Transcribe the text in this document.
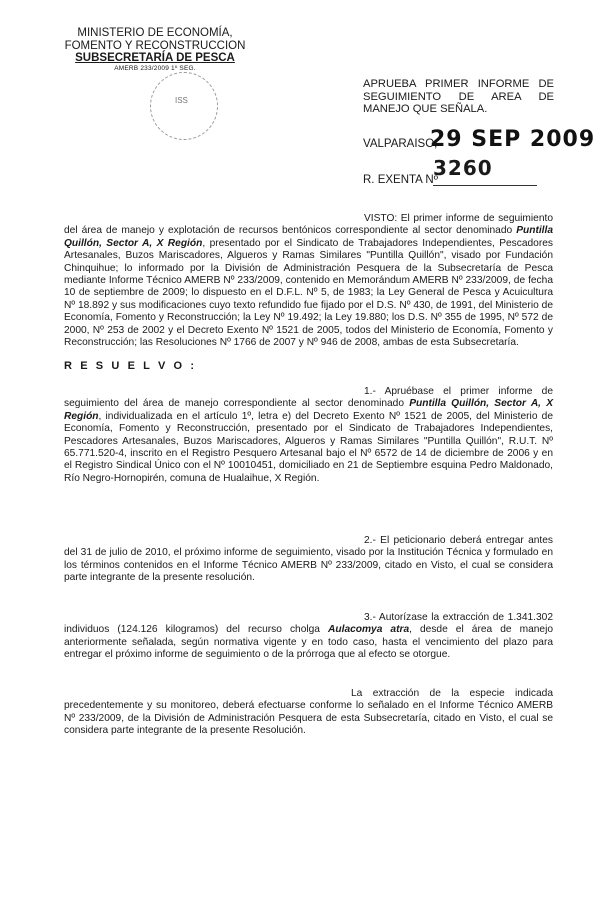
MINISTERIO DE ECONOMÍA,
FOMENTO Y RECONSTRUCCION
SUBSECRETARÍA DE PESCA
AMERB 233/2009 1º SEG.
ISS
APRUEBA PRIMER INFORME DE
SEGUIMIENTO DE AREA DE
MANEJO QUE SEÑALA.
VALPARAISO,
29 SEP 2009
R. EXENTA Nº
3260
VISTO: El primer informe de seguimiento del área de manejo y explotación de recursos bentónicos correspondiente al sector denominado Puntilla Quillón, Sector A, X Región, presentado por el Sindicato de Trabajadores Independientes, Pescadores Artesanales, Buzos Mariscadores, Algueros y Ramas Similares "Puntilla Quillón", visado por Fundación Chinquihue; lo informado por la División de Administración Pesquera de la Subsecretaría de Pesca mediante Informe Técnico AMERB Nº 233/2009, contenido en Memorándum AMERB Nº 233/2009, de fecha 10 de septiembre de 2009; lo dispuesto en el D.F.L. Nº 5, de 1983; la Ley General de Pesca y Acuicultura Nº 18.892 y sus modificaciones cuyo texto refundido fue fijado por el D.S. Nº 430, de 1991, del Ministerio de Economía, Fomento y Reconstrucción; la Ley Nº 19.492; la Ley 19.880; los D.S. Nº 355 de 1995, Nº 572 de 2000, Nº 253 de 2002 y el Decreto Exento Nº 1521 de 2005, todos del Ministerio de Economía, Fomento y Reconstrucción; las Resoluciones Nº 1766 de 2007 y Nº 946 de 2008, ambas de esta Subsecretaría.
R E S U E L V O :
1.- Apruébase el primer informe de seguimiento del área de manejo correspondiente al sector denominado Puntilla Quillón, Sector A, X Región, individualizada en el artículo 1º, letra e) del Decreto Exento Nº 1521 de 2005, del Ministerio de Economía, Fomento y Reconstrucción, presentado por el Sindicato de Trabajadores Independientes, Pescadores Artesanales, Buzos Mariscadores, Algueros y Ramas Similares "Puntilla Quillón", R.U.T. Nº 65.771.520-4, inscrito en el Registro Pesquero Artesanal bajo el Nº 6572 de 14 de diciembre de 2006 y en el Registro Sindical Único con el Nº 10010451, domiciliado en 21 de Septiembre esquina Pedro Maldonado, Río Negro-Hornopirén, comuna de Hualaihue, X Región.
2.- El peticionario deberá entregar antes del 31 de julio de 2010, el próximo informe de seguimiento, visado por la Institución Técnica y formulado en los términos contenidos en el Informe Técnico AMERB Nº 233/2009, citado en Visto, el cual se considera parte integrante de la presente resolución.
3.- Autorízase la extracción de 1.341.302 individuos (124.126 kilogramos) del recurso cholga Aulacomya atra, desde el área de manejo anteriormente señalada, según normativa vigente y en todo caso, hasta el vencimiento del plazo para entregar el próximo informe de seguimiento o de la prórroga que al efecto se otorgue.
La extracción de la especie indicada precedentemente y su monitoreo, deberá efectuarse conforme lo señalado en el Informe Técnico AMERB Nº 233/2009, de la División de Administración Pesquera de esta Subsecretaría, citado en Visto, el cual se considera parte integrante de la presente Resolución.
